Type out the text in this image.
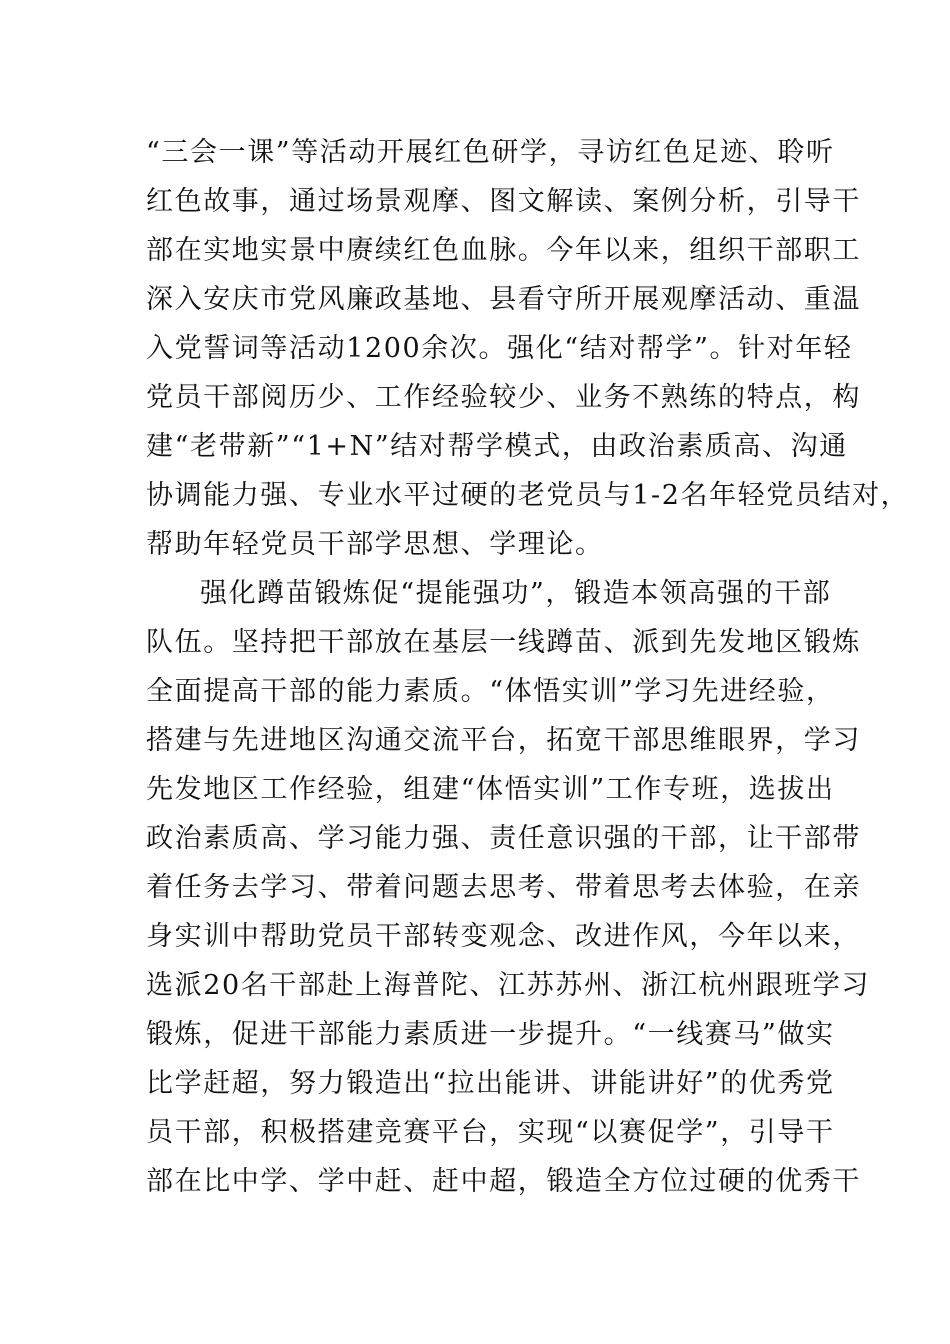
“三会一课”等活动开展红色研学，寻访红色足迹、聆听
红色故事，通过场景观摩、图文解读、案例分析，引导干
部在实地实景中赓续红色血脉。今年以来，组织干部职工
深入安庆市党风廉政基地、县看守所开展观摩活动、重温
入党誓词等活动1200余次。强化“结对帮学”。针对年轻
党员干部阅历少、工作经验较少、业务不熟练的特点，构
建“老带新”“1+N”结对帮学模式，由政治素质高、沟通
协调能力强、专业水平过硬的老党员与1-2名年轻党员结对，
帮助年轻党员干部学思想、学理论。
强化蹲苗锻炼促“提能强功”，锻造本领高强的干部
队伍。坚持把干部放在基层一线蹲苗、派到先发地区锻炼
全面提高干部的能力素质。“体悟实训”学习先进经验，
搭建与先进地区沟通交流平台，拓宽干部思维眼界，学习
先发地区工作经验，组建“体悟实训”工作专班，选拔出
政治素质高、学习能力强、责任意识强的干部，让干部带
着任务去学习、带着问题去思考、带着思考去体验，在亲
身实训中帮助党员干部转变观念、改进作风，今年以来，
选派20名干部赴上海普陀、江苏苏州、浙江杭州跟班学习
锻炼，促进干部能力素质进一步提升。“一线赛马”做实
比学赶超，努力锻造出“拉出能讲、讲能讲好”的优秀党
员干部，积极搭建竞赛平台，实现“以赛促学”，引导干
部在比中学、学中赶、赶中超，锻造全方位过硬的优秀干
